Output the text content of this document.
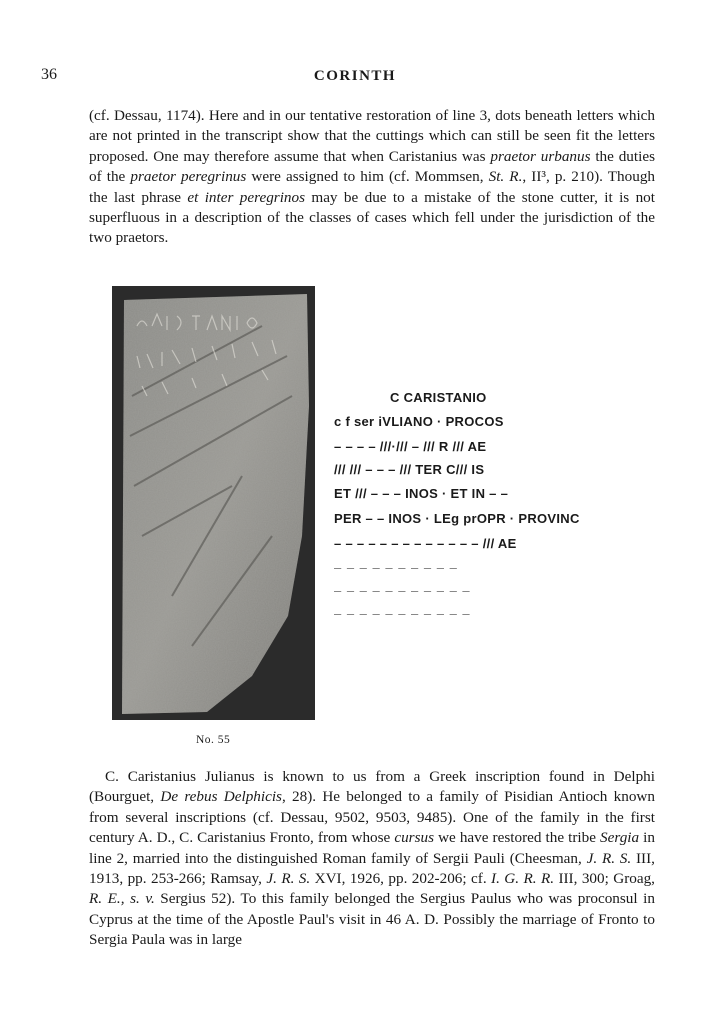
36	CORINTH

(cf. Dessau, 1174). Here and in our tentative restoration of line 3, dots beneath letters which are not printed in the transcript show that the cuttings which can still be seen fit the letters proposed. One may therefore assume that when Caristanius was praetor urbanus the duties of the praetor peregrinus were assigned to him (cf. Mommsen, St. R., II³, p. 210). Though the last phrase et inter peregrinos may be due to a mistake of the stone cutter, it is not superfluous in a description of the classes of cases which fell under the jurisdiction of the two praetors.

No. 55
C CARISTANIO
c f ser iVLIANO · PROCOS
– – – – ///·/// – /// R /// AE
/// /// – – – /// TER C/// IS
ET /// – – – INOS · ET IN – –
PER – – INOS · LEg prOPR · PROVINC
– – – – – – – – – – – – – /// AE
– – – – – – – – – –
– – – – – – – – – – –
– – – – – – – – – – –

C. Caristanius Julianus is known to us from a Greek inscription found in Delphi (Bourguet, De rebus Delphicis, 28). He belonged to a family of Pisidian Antioch known from several inscriptions (cf. Dessau, 9502, 9503, 9485). One of the family in the first century A. D., C. Caristanius Fronto, from whose cursus we have restored the tribe Sergia in line 2, married into the distinguished Roman family of Sergii Pauli (Cheesman, J. R. S. III, 1913, pp. 253-266; Ramsay, J. R. S. XVI, 1926, pp. 202-206; cf. I. G. R. R. III, 300; Groag, R. E., s. v. Sergius 52). To this family belonged the Sergius Paulus who was proconsul in Cyprus at the time of the Apostle Paul's visit in 46 A. D. Possibly the marriage of Fronto to Sergia Paula was in large
